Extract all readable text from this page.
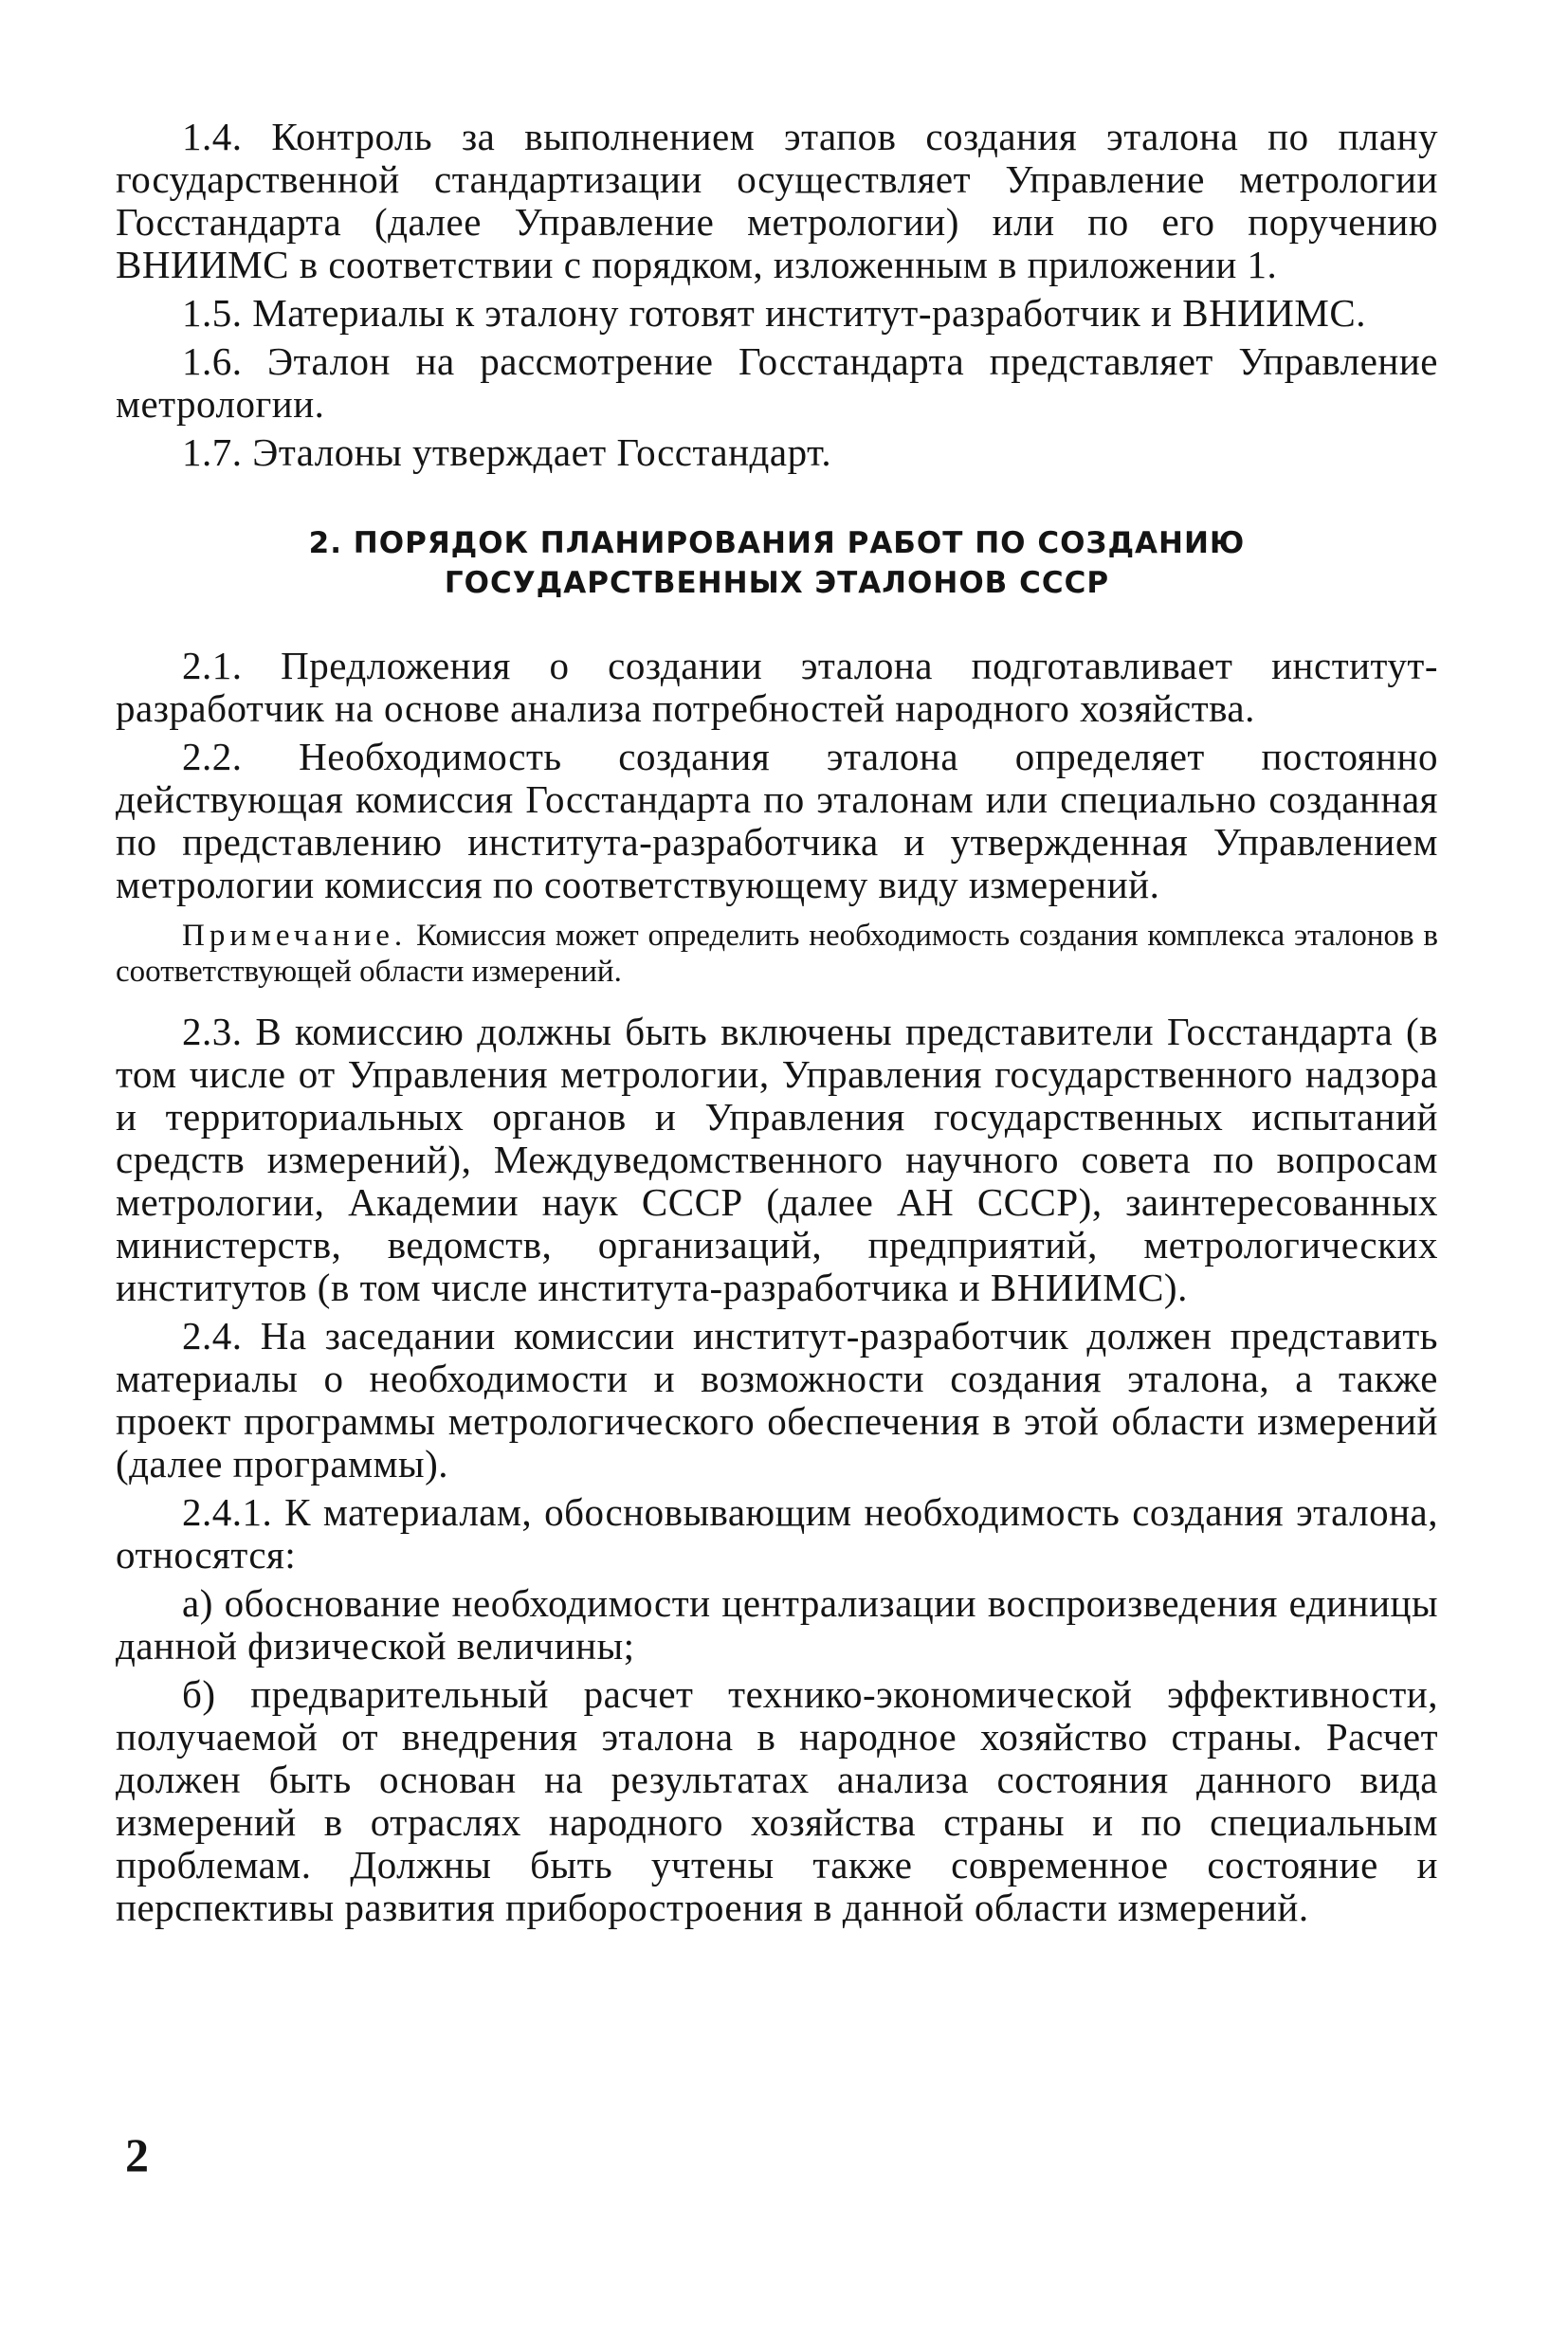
1.4. Контроль за выполнением этапов создания эталона по плану государственной стандартизации осуществляет Управление метрологии Госстандарта (далее Управление метрологии) или по его поручению ВНИИМС в соответствии с порядком, изложенным в приложении 1.

1.5. Материалы к эталону готовят институт-разработчик и ВНИИМС.

1.6. Эталон на рассмотрение Госстандарта представляет Управление метрологии.

1.7. Эталоны утверждает Госстандарт.

2. ПОРЯДОК ПЛАНИРОВАНИЯ РАБОТ ПО СОЗДАНИЮ
ГОСУДАРСТВЕННЫХ ЭТАЛОНОВ СССР

2.1. Предложения о создании эталона подготавливает институт-разработчик на основе анализа потребностей народного хозяйства.

2.2. Необходимость создания эталона определяет постоянно действующая комиссия Госстандарта по эталонам или специально созданная по представлению института-разработчика и утвержденная Управлением метрологии комиссия по соответствующему виду измерений.

Примечание. Комиссия может определить необходимость создания комплекса эталонов в соответствующей области измерений.

2.3. В комиссию должны быть включены представители Госстандарта (в том числе от Управления метрологии, Управления государственного надзора и территориальных органов и Управления государственных испытаний средств измерений), Междуведомственного научного совета по вопросам метрологии, Академии наук СССР (далее АН СССР), заинтересованных министерств, ведомств, организаций, предприятий, метрологических институтов (в том числе института-разработчика и ВНИИМС).

2.4. На заседании комиссии институт-разработчик должен представить материалы о необходимости и возможности создания эталона, а также проект программы метрологического обеспечения в этой области измерений (далее программы).

2.4.1. К материалам, обосновывающим необходимость создания эталона, относятся:

а) обоснование необходимости централизации воспроизведения единицы данной физической величины;

б) предварительный расчет технико-экономической эффективности, получаемой от внедрения эталона в народное хозяйство страны. Расчет должен быть основан на результатах анализа состояния данного вида измерений в отраслях народного хозяйства страны и по специальным проблемам. Должны быть учтены также современное состояние и перспективы развития приборостроения в данной области измерений.

2
